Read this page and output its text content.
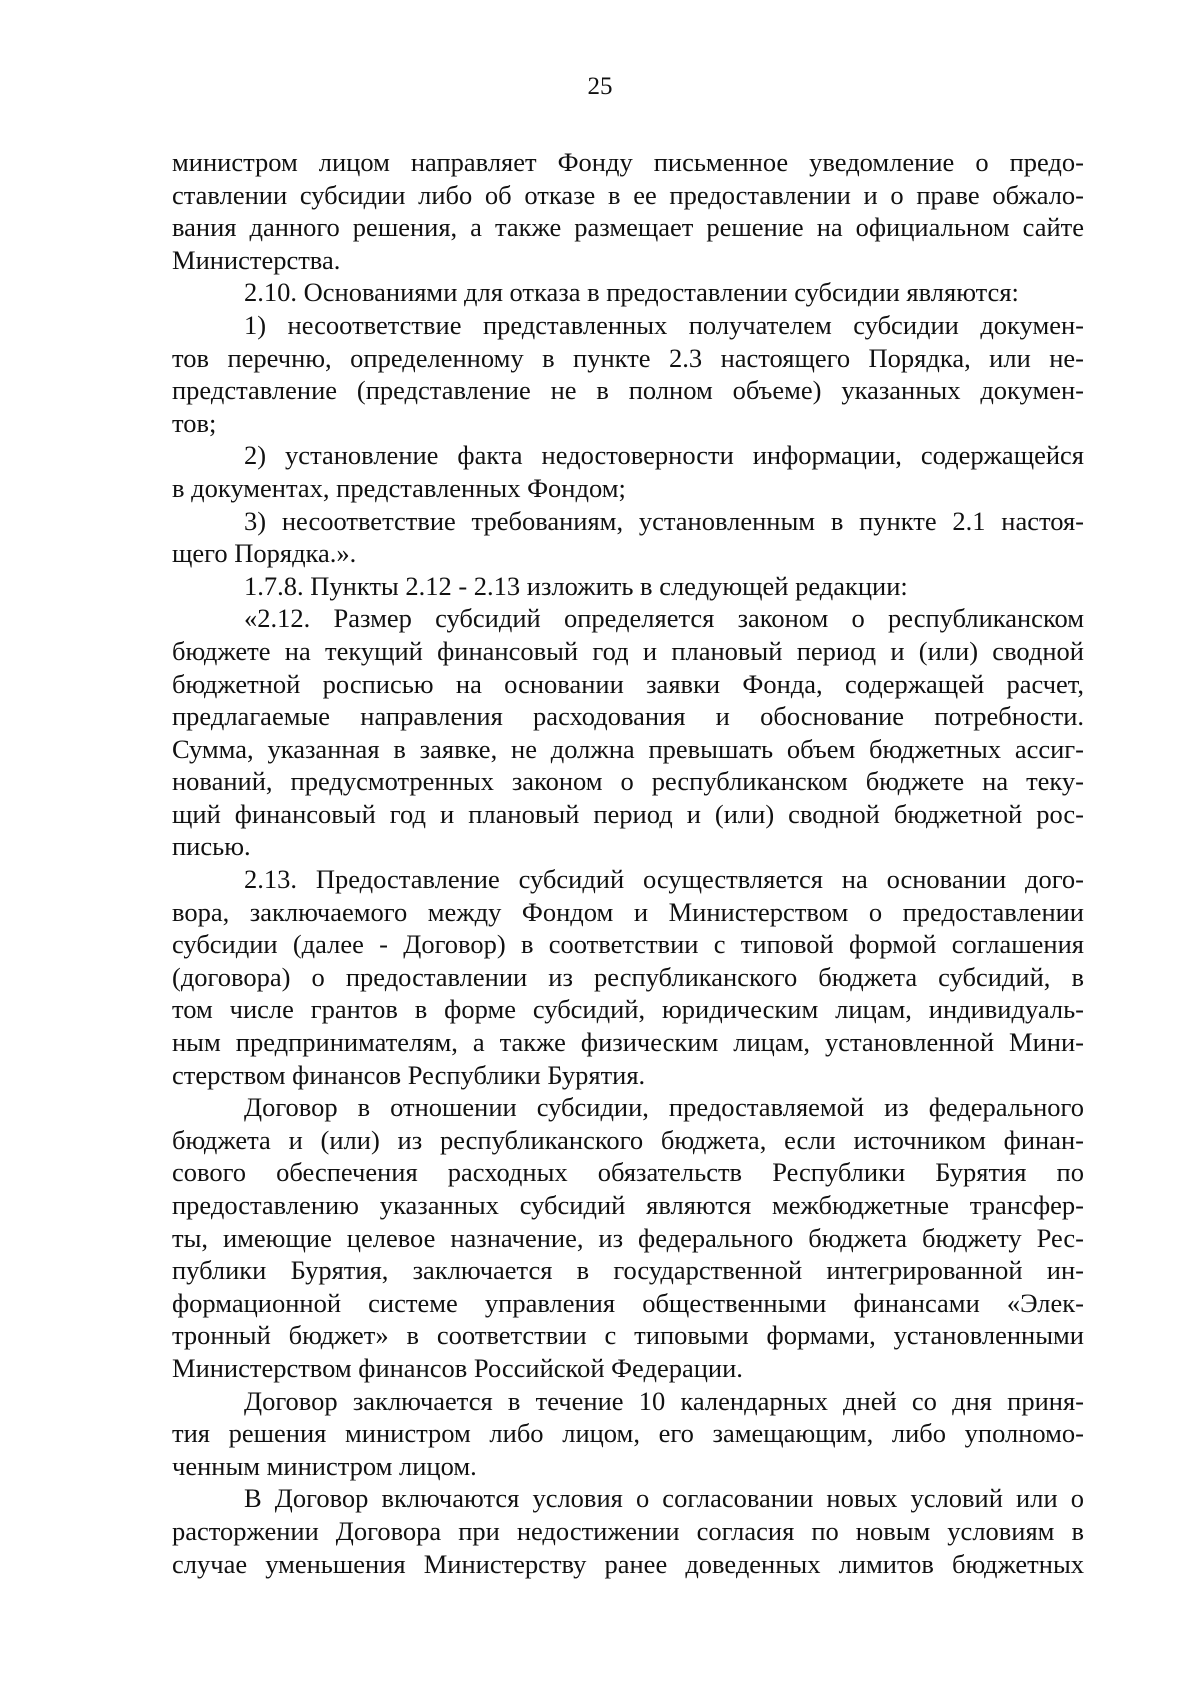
25

министром лицом направляет Фонду письменное уведомление о предо-

ставлении субсидии либо об отказе в ее предоставлении и о праве обжало-

вания данного решения, а также размещает решение на официальном сайте

Министерства.

2.10. Основаниями для отказа в предоставлении субсидии являются:

1) несоответствие представленных получателем субсидии докумен-

тов перечню, определенному в пункте 2.3 настоящего Порядка, или не-

представление (представление не в полном объеме) указанных докумен-

тов;

2) установление факта недостоверности информации, содержащейся

в документах, представленных Фондом;

3) несоответствие требованиям, установленным в пункте 2.1 настоя-

щего Порядка.».

1.7.8. Пункты 2.12 - 2.13 изложить в следующей редакции:

«2.12. Размер субсидий определяется законом о республиканском

бюджете на текущий финансовый год и плановый период и (или) сводной

бюджетной росписью на основании заявки Фонда, содержащей расчет,

предлагаемые направления расходования и обоснование потребности.

Сумма, указанная в заявке, не должна превышать объем бюджетных ассиг-

нований, предусмотренных законом о республиканском бюджете на теку-

щий финансовый год и плановый период и (или) сводной бюджетной рос-

писью.

2.13. Предоставление субсидий осуществляется на основании дого-

вора, заключаемого между Фондом и Министерством о предоставлении

субсидии (далее - Договор) в соответствии с типовой формой соглашения

(договора) о предоставлении из республиканского бюджета субсидий, в

том числе грантов в форме субсидий, юридическим лицам, индивидуаль-

ным предпринимателям, а также физическим лицам, установленной Мини-

стерством финансов Республики Бурятия.

Договор в отношении субсидии, предоставляемой из федерального

бюджета и (или) из республиканского бюджета, если источником финан-

сового обеспечения расходных обязательств Республики Бурятия по

предоставлению указанных субсидий являются межбюджетные трансфер-

ты, имеющие целевое назначение, из федерального бюджета бюджету Рес-

публики Бурятия, заключается в государственной интегрированной ин-

формационной системе управления общественными финансами «Элек-

тронный бюджет» в соответствии с типовыми формами, установленными

Министерством финансов Российской Федерации.

Договор заключается в течение 10 календарных дней со дня приня-

тия решения министром либо лицом, его замещающим, либо уполномо-

ченным министром лицом.

В Договор включаются условия о согласовании новых условий или о

расторжении Договора при недостижении согласия по новым условиям в

случае уменьшения Министерству ранее доведенных лимитов бюджетных
